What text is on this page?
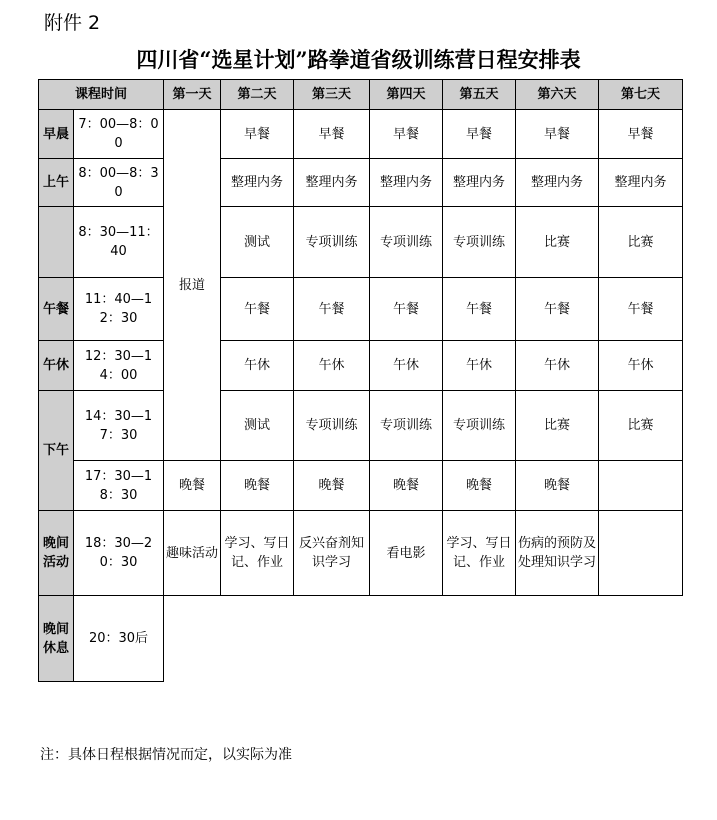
附件 2
四川省“选星计划”路拳道省级训练营日程安排表
课程时间		第一天	第二天	第三天	第四天	第五天	第六天	第七天
早晨	7：00—8：00	报道	早餐	早餐	早餐	早餐	早餐	早餐
上午	8：00—8：30		整理内务	整理内务	整理内务	整理内务	整理内务	整理内务
	8：30—11：40		测试	专项训练	专项训练	专项训练	比赛	比赛
午餐	11：40—12：30		午餐	午餐	午餐	午餐	午餐	午餐
午休	12：30—14：00		午休	午休	午休	午休	午休	午休
下午	14：30—17：30		测试	专项训练	专项训练	专项训练	比赛	比赛
	17：30—18：30	晚餐	晚餐	晚餐	晚餐	晚餐	晚餐	
晚间活动	18：30—20：30	趣味活动	学习、写日记、作业	反兴奋剂知识学习	看电影	学习、写日记、作业	伤病的预防及处理知识学习	
晚间休息	20：30后							
注：具体日程根据情况而定，以实际为准
